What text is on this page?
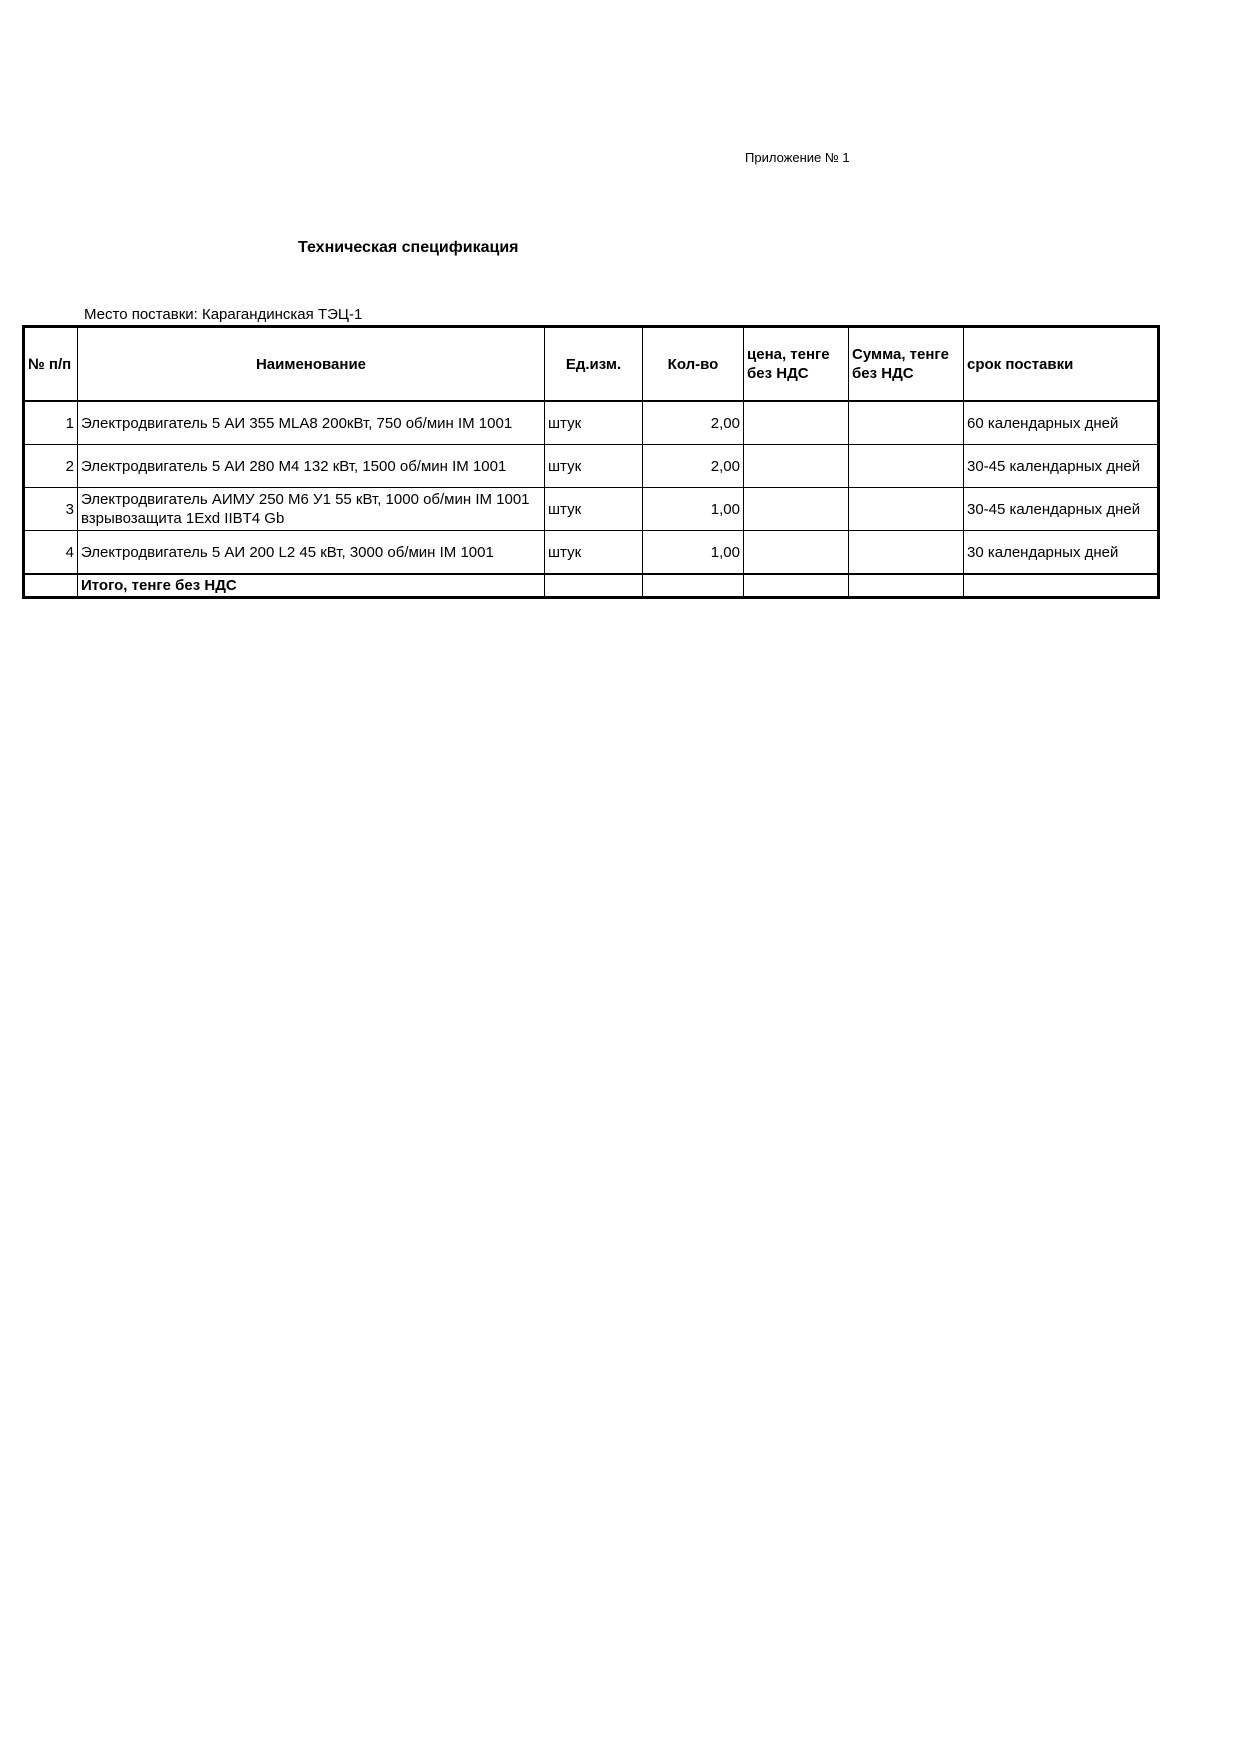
Приложение № 1
Техническая спецификация
Место поставки: Карагандинская ТЭЦ-1
№ п/п	Наименование	Ед.изм.	Кол-во	цена, тенге без НДС	Сумма, тенге без НДС	срок поставки
1	Электродвигатель 5 АИ 355 MLA8 200кВт, 750 об/мин IM 1001	штук	2,00			60 календарных дней
2	Электродвигатель 5 АИ 280 М4 132 кВт, 1500 об/мин IM 1001	штук	2,00			30-45 календарных дней
3	Электродвигатель АИМУ 250 М6 У1 55 кВт, 1000 об/мин IM 1001 взрывозащита 1Exd IIBT4 Gb	штук	1,00			30-45 календарных дней
4	Электродвигатель 5 АИ 200 L2 45 кВт, 3000 об/мин IM 1001	штук	1,00			30 календарных дней
	Итого, тенге без НДС					
